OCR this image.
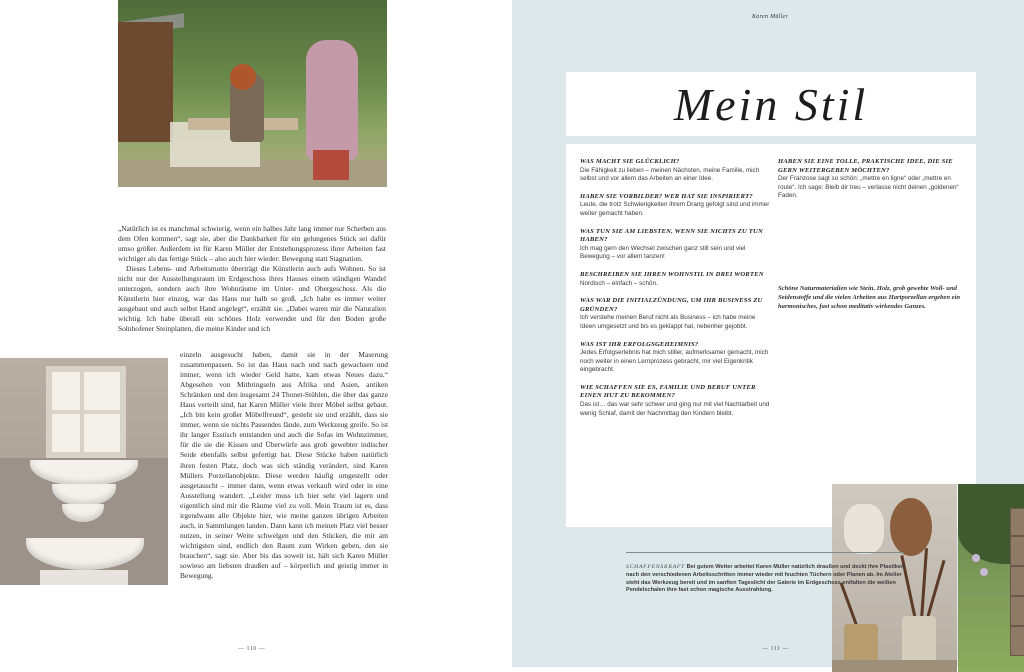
„Natürlich ist es manchmal schwierig, wenn ein halbes Jahr lang immer nur Scherben aus dem Ofen kommen“, sagt sie, aber die Dankbarkeit für ein gelungenes Stück sei dafür umso größer. Außerdem ist für Karen Müller der Entstehungsprozess ihrer Arbeiten fast wichtiger als das fertige Stück – also auch hier wieder: Bewegung statt Stagnation.

Dieses Lebens- und Arbeitsmotto überträgt die Künstlerin auch aufs Wohnen. So ist nicht nur der Ausstellungsraum im Erdgeschoss ihres Hauses einem ständigen Wandel unterzogen, sondern auch ihre Wohnräume im Unter- und Obergeschoss. Als die Künstlerin hier einzog, war das Haus nur halb so groß. „Ich habe es immer weiter ausgebaut und auch selbst Hand angelegt“, erzählt sie. „Dabei waren mir die Naturalien wichtig. Ich habe überall ein schönes Holz verwendet und für den Boden große Solnhofener Steinplatten, die meine Kinder und ich

einzeln ausgesucht haben, damit sie in der Maserung zusammenpassen. So ist das Haus nach und nach gewachsen und immer, wenn ich wieder Geld hatte, kam etwas Neues dazu.“ Abgesehen von Mitbringseln aus Afrika und Asien, antiken Schränken und den insgesamt 24 Thonet-Stühlen, die über das ganze Haus verteilt sind, hat Karen Müller viele ihrer Möbel selbst gebaut. „Ich bin kein großer Möbelfreund“, gesteht sie und erzählt, dass sie immer, wenn sie nichts Passendes fände, zum Werkzeug greife. So ist ihr langer Esstisch entstanden und auch die Sofas im Wohnzimmer, für die sie die Kissen und Überwürfe aus grob gewebter indischer Seide ebenfalls selbst gefertigt hat. Diese Stücke haben natürlich ihren festen Platz, doch was sich ständig verändert, sind Karen Müllers Porzellanobjekte. Diese werden häufig umgestellt oder ausgetauscht – immer dann, wenn etwas verkauft wird oder in eine Ausstellung wandert. „Leider muss ich hier sehr viel lagern und eigentlich sind mir die Räume viel zu voll. Mein Traum ist es, dass irgendwann alle Objekte hier, wie meine ganzen übrigen Arbeiten auch, in Sammlungen landen. Dann kann ich meinen Platz viel besser nutzen, in seiner Weite schwelgen und den Stücken, die mir am wichtigsten sind, endlich den Raum zum Wirken geben, den sie brauchen“, sagt sie. Aber bis das soweit ist, hält sich Karen Müller sowieso am liebsten draußen auf – körperlich und geistig immer in Bewegung.

— 110 —
Karen Müller
Mein Stil

WAS MACHT SIE GLÜCKLICH?

Die Fähigkeit zu lieben – meinen Nächsten, meine Familie, mich selbst und vor allem das Arbeiten an einer Idee.

HABEN SIE VORBILDER? WER HAT SIE INSPIRIERT?

Leute, die trotz Schwierigkeiten ihrem Drang gefolgt sind und immer weiter gemacht haben.

WAS TUN SIE AM LIEBSTEN, WENN SIE NICHTS ZU TUN HABEN?

Ich mag gern den Wechsel zwischen ganz still sein und viel Bewegung – vor allem tanzen!

BESCHREIBEN SIE IHREN WOHNSTIL IN DREI WORTEN

Nordisch – einfach – schön.

WAS WAR DIE INITIALZÜNDUNG, UM IHR BUSINESS ZU GRÜNDEN?

Ich verstehe meinen Beruf nicht als Business – ich habe meine Ideen umgesetzt und bis es geklappt hat, nebenher gejobbt.

WAS IST IHR ERFOLGSGEHEIMNIS?

Jedes Erfolgserlebnis hat mich stiller, aufmerksamer gemacht, mich noch weiter in einen Lernprozess gebracht, mir viel Eigenkritik eingebracht.

WIE SCHAFFEN SIE ES, FAMILIE UND BERUF UNTER EINEN HUT ZU BEKOMMEN?

Das ist… das war sehr schwer und ging nur mit viel Nachtarbeit und wenig Schlaf, damit der Nachmittag den Kindern bleibt.

HABEN SIE EINE TOLLE, PRAKTISCHE IDEE, DIE SIE GERN WEITERGEBEN MÖCHTEN?

Der Franzose sagt so schön: „mettre en ligne“ oder „mettre en route“. Ich sage: Bleib dir treu – verlasse nicht deinen „goldenen“ Faden.

Schöne Naturmaterialien wie Stein, Holz, grob gewebte Woll- und Seidenstoffe und die vielen Arbeiten aus Hartporzellan ergeben ein harmonisches, fast schon meditativ wirkendes Ganzes.

SCHAFFENSKRAFT Bei gutem Wetter arbeitet Karen Müller natürlich draußen und deckt ihre Plastiken nach den verschiedenen Arbeitsschritten immer wieder mit feuchten Tüchern oder Planen ab. Im Atelier steht das Werkzeug bereit und im sanften Tageslicht der Galerie im Erdgeschoss entfalten die weißen Pendelschalen ihre fast schon magische Ausstrahlung.

— 111 —
